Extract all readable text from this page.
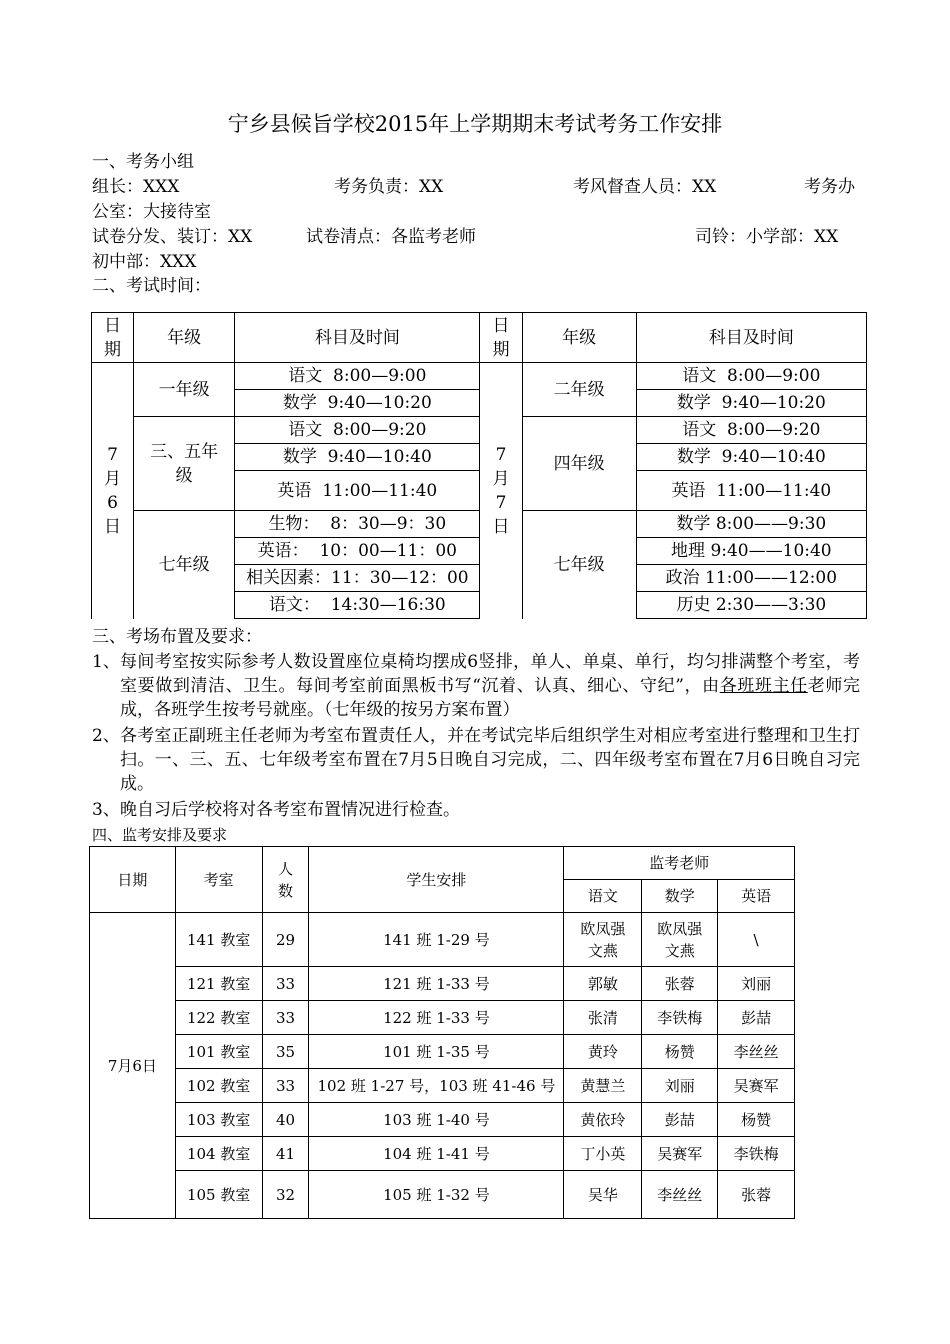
宁乡县候旨学校2015年上学期期末考试考务工作安排
一、考务小组
组长：XXX	考务负责：XX	考风督查人员：XX	考务办
公室：大接待室
试卷分发、装订：XX	试卷清点：各监考老师	司铃：小学部：XX
初中部：XXX
二、考试时间：
日期	年级	科目及时间	日期	年级	科目及时间
7月6日	一年级	语文  8:00—9:00	7月7日	二年级	语文  8:00—9:00
		数学  9:40—10:20			数学  9:40—10:20
	三、五年级	语文  8:00—9:20		四年级	语文  8:00—9:20
		数学  9:40—10:40			数学  9:40—10:40
		英语  11:00—11:40			英语  11:00—11:40
	七年级	生物：  8：30—9：30		七年级	数学 8:00——9:30
		英语：  10：00—11：00			地理 9:40——10:40
		相关因素：11：30—12：00			政治 11:00——12:00
		语文：  14:30—16:30			历史 2:30——3:30
三、考场布置及要求：
1、 每间考室按实际参考人数设置座位桌椅均摆成6竖排，单人、单桌、单行，均匀排满整个考室，考室要做到清洁、卫生。每间考室前面黑板书写“沉着、认真、细心、守纪”，由各班班主任老师完成，各班学生按考号就座。（七年级的按另方案布置）
2、 各考室正副班主任老师为考室布置责任人，并在考试完毕后组织学生对相应考室进行整理和卫生打扫。一、三、五、七年级考室布置在7月5日晚自习完成，二、四年级考室布置在7月6日晚自习完成。
3、 晚自习后学校将对各考室布置情况进行检查。
四、监考安排及要求
日期	考室	人数	学生安排	监考老师		
				语文	数学	英语
7月6日	141 教室	29	141 班 1-29 号	欧凤强文燕	欧凤强文燕	\
	121 教室	33	121 班 1-33 号	郭敏	张蓉	刘丽
	122 教室	33	122 班 1-33 号	张清	李铁梅	彭喆
	101 教室	35	101 班 1-35 号	黄玲	杨赞	李丝丝
	102 教室	33	102 班 1-27 号，103 班 41-46 号	黄慧兰	刘丽	吴赛军
	103 教室	40	103 班 1-40 号	黄依玲	彭喆	杨赞
	104 教室	41	104 班 1-41 号	丁小英	吴赛军	李铁梅
	105 教室	32	105 班 1-32 号	吴华	李丝丝	张蓉
